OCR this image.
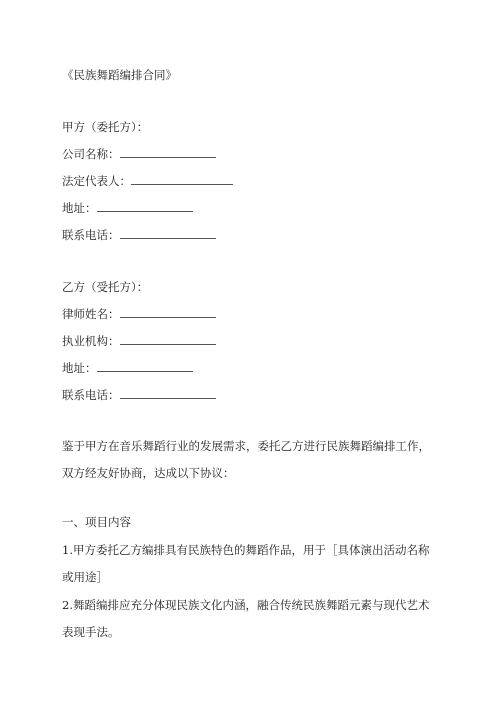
《民族舞蹈编排合同》
甲方（委托方）：
公司名称：
法定代表人：
地址：
联系电话：
乙方（受托方）：
律师姓名：
执业机构：
地址：
联系电话：
鉴于甲方在音乐舞蹈行业的发展需求，委托乙方进行民族舞蹈编排工作，双方经友好协商，达成以下协议：
一、项目内容
1.甲方委托乙方编排具有民族特色的舞蹈作品，用于［具体演出活动名称或用途］
2.舞蹈编排应充分体现民族文化内涵，融合传统民族舞蹈元素与现代艺术表现手法。
